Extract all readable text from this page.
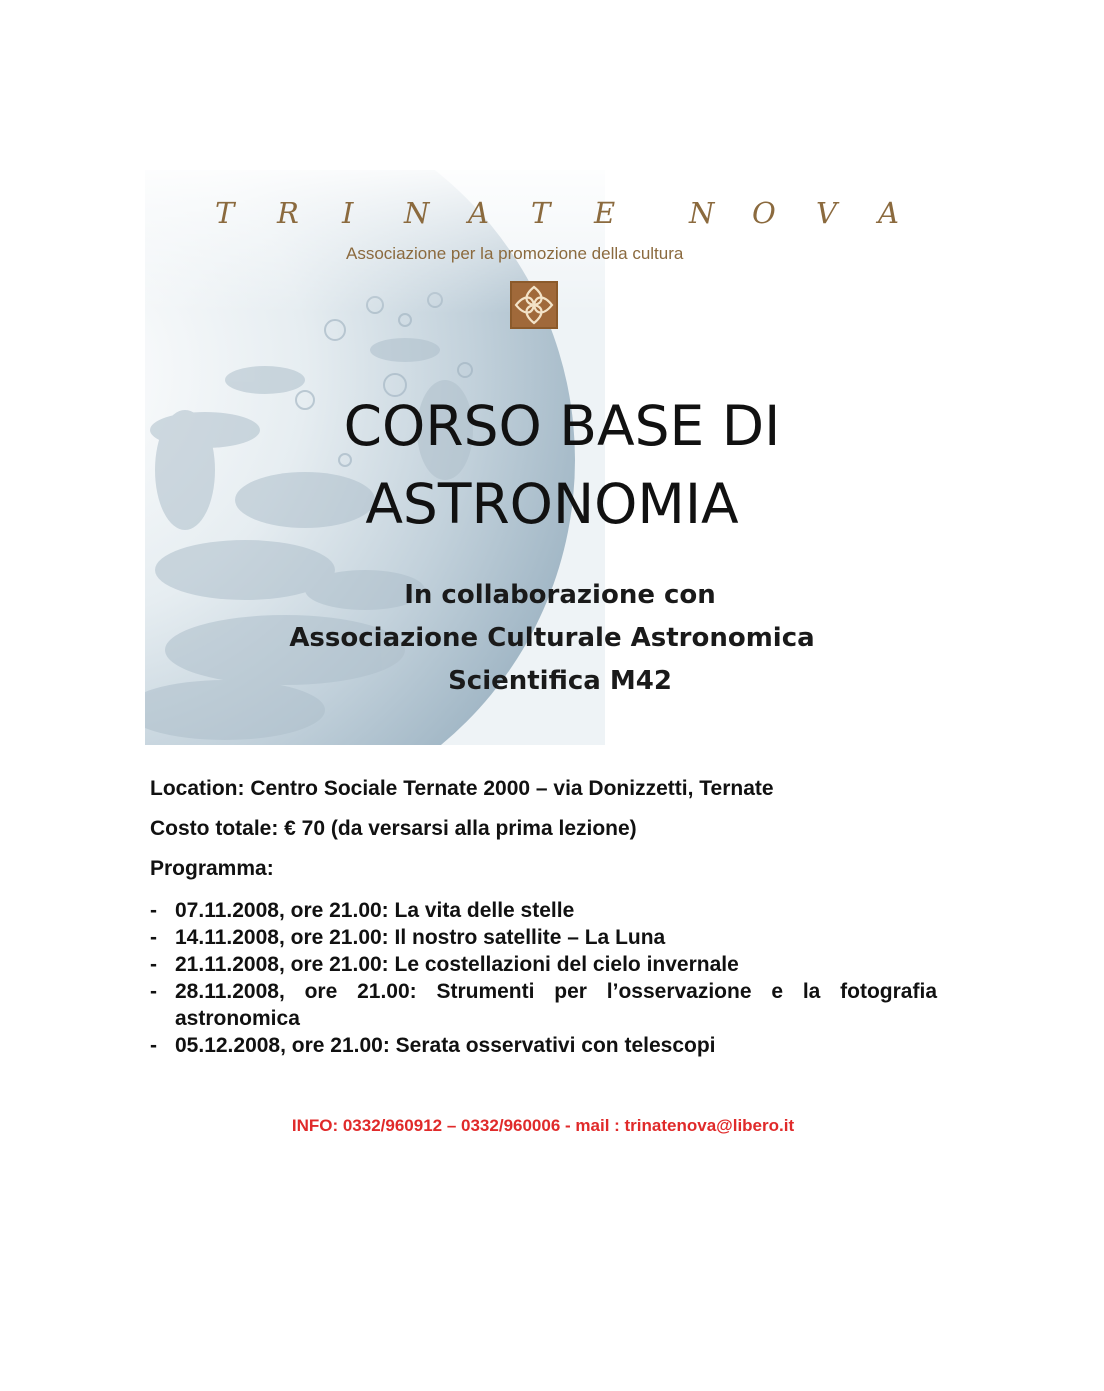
T R I N A T E	N O V A
Associazione per la promozione della cultura
CORSO BASE DI
ASTRONOMIA
In collaborazione con
Associazione Culturale Astronomica
Scientifica M42
Location: Centro Sociale Ternate 2000 – via Donizzetti, Ternate
Costo totale: € 70 (da versarsi alla prima lezione)
Programma:
- 07.11.2008, ore 21.00: La vita delle stelle
- 14.11.2008, ore 21.00: Il nostro satellite – La Luna
- 21.11.2008, ore 21.00: Le costellazioni del cielo invernale
- 28.11.2008, ore 21.00: Strumenti per l’osservazione e la fotografia astronomica
- 05.12.2008, ore 21.00: Serata osservativi con telescopi
INFO: 0332/960912 – 0332/960006 - mail : trinatenova@libero.it
